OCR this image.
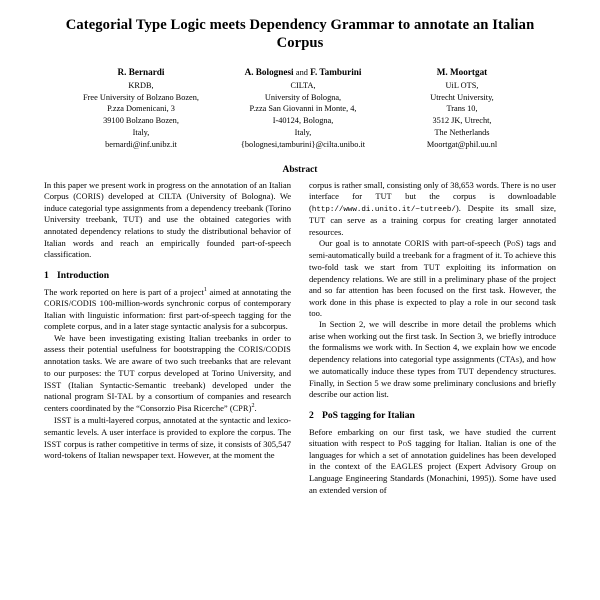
Categorial Type Logic meets Dependency Grammar to annotate an Italian Corpus
R. Bernardi
KRDB,
Free University of Bolzano Bozen,
P.zza Domenicani, 3
39100 Bolzano Bozen,
Italy,
bernardi@inf.unibz.it
A. Bolognesi and F. Tamburini
CILTA,
University of Bologna,
P.zza San Giovanni in Monte, 4,
I-40124, Bologna,
Italy,
{bolognesi,tamburini}@cilta.unibo.it
M. Moortgat
UiL OTS,
Utrecht University,
Trans 10,
3512 JK, Utrecht,
The Netherlands
Moortgat@phil.uu.nl
Abstract

In this paper we present work in progress on the annotation of an Italian Corpus (CORIS) developed at CILTA (University of Bologna). We induce categorial type assignments from a dependency treebank (Torino University treebank, TUT) and use the obtained categories with annotated dependency relations to study the distributional behavior of Italian words and reach an empirically founded part-of-speech classification.

1 Introduction

The work reported on here is part of a project$^1$ aimed at annotating the CORIS/CODIS 100-million-words synchronic corpus of contemporary Italian with linguistic information: first part-of-speech tagging for the complete corpus, and in a later stage syntactic analysis for a subcorpus.

We have been investigating existing Italian treebanks in order to assess their potential usefulness for bootstrapping the CORIS/CODIS annotation tasks. We are aware of two such treebanks that are relevant to our purposes: the TUT corpus developed at Torino University, and ISST (Italian Syntactic-Semantic treebank) developed under the national program SI-TAL by a consortium of companies and research centers coordinated by the “Consorzio Pisa Ricerche” (CPR)$^2$.

ISST is a multi-layered corpus, annotated at the syntactic and lexico-semantic levels. A user interface is provided to explore the corpus. The ISST corpus is rather competitive in terms of size, it consists of 305,547 word-tokens of Italian newspaper text. However, at the moment the

corpus is rather small, consisting only of 38,653 words. There is no user interface for TUT but the corpus is downloadable (http://www.di.unito.it/~tutreeb/). Despite its small size, TUT can serve as a training corpus for creating larger annotated resources.

Our goal is to annotate CORIS with part-of-speech (PoS) tags and semi-automatically build a treebank for a fragment of it. To achieve this two-fold task we start from TUT exploiting its information on dependency relations. We are still in a preliminary phase of the project and so far attention has been focused on the first task. However, the work done in this phase is expected to play a role in our second task too.

In Section 2, we will describe in more detail the problems which arise when working out the first task. In Section 3, we briefly introduce the formalisms we work with. In Section 4, we explain how we encode dependency relations into categorial type assignments (CTAs), and how we automatically induce these types from TUT dependency structures. Finally, in Section 5 we draw some preliminary conclusions and briefly describe our action list.

2 PoS tagging for Italian

Before embarking on our first task, we have studied the current situation with respect to PoS tagging for Italian. Italian is one of the languages for which a set of annotation guidelines has been developed in the context of the EAGLES project (Expert Advisory Group on Language Engineering Standards (Monachini, 1995)). Some have used an extended version of
